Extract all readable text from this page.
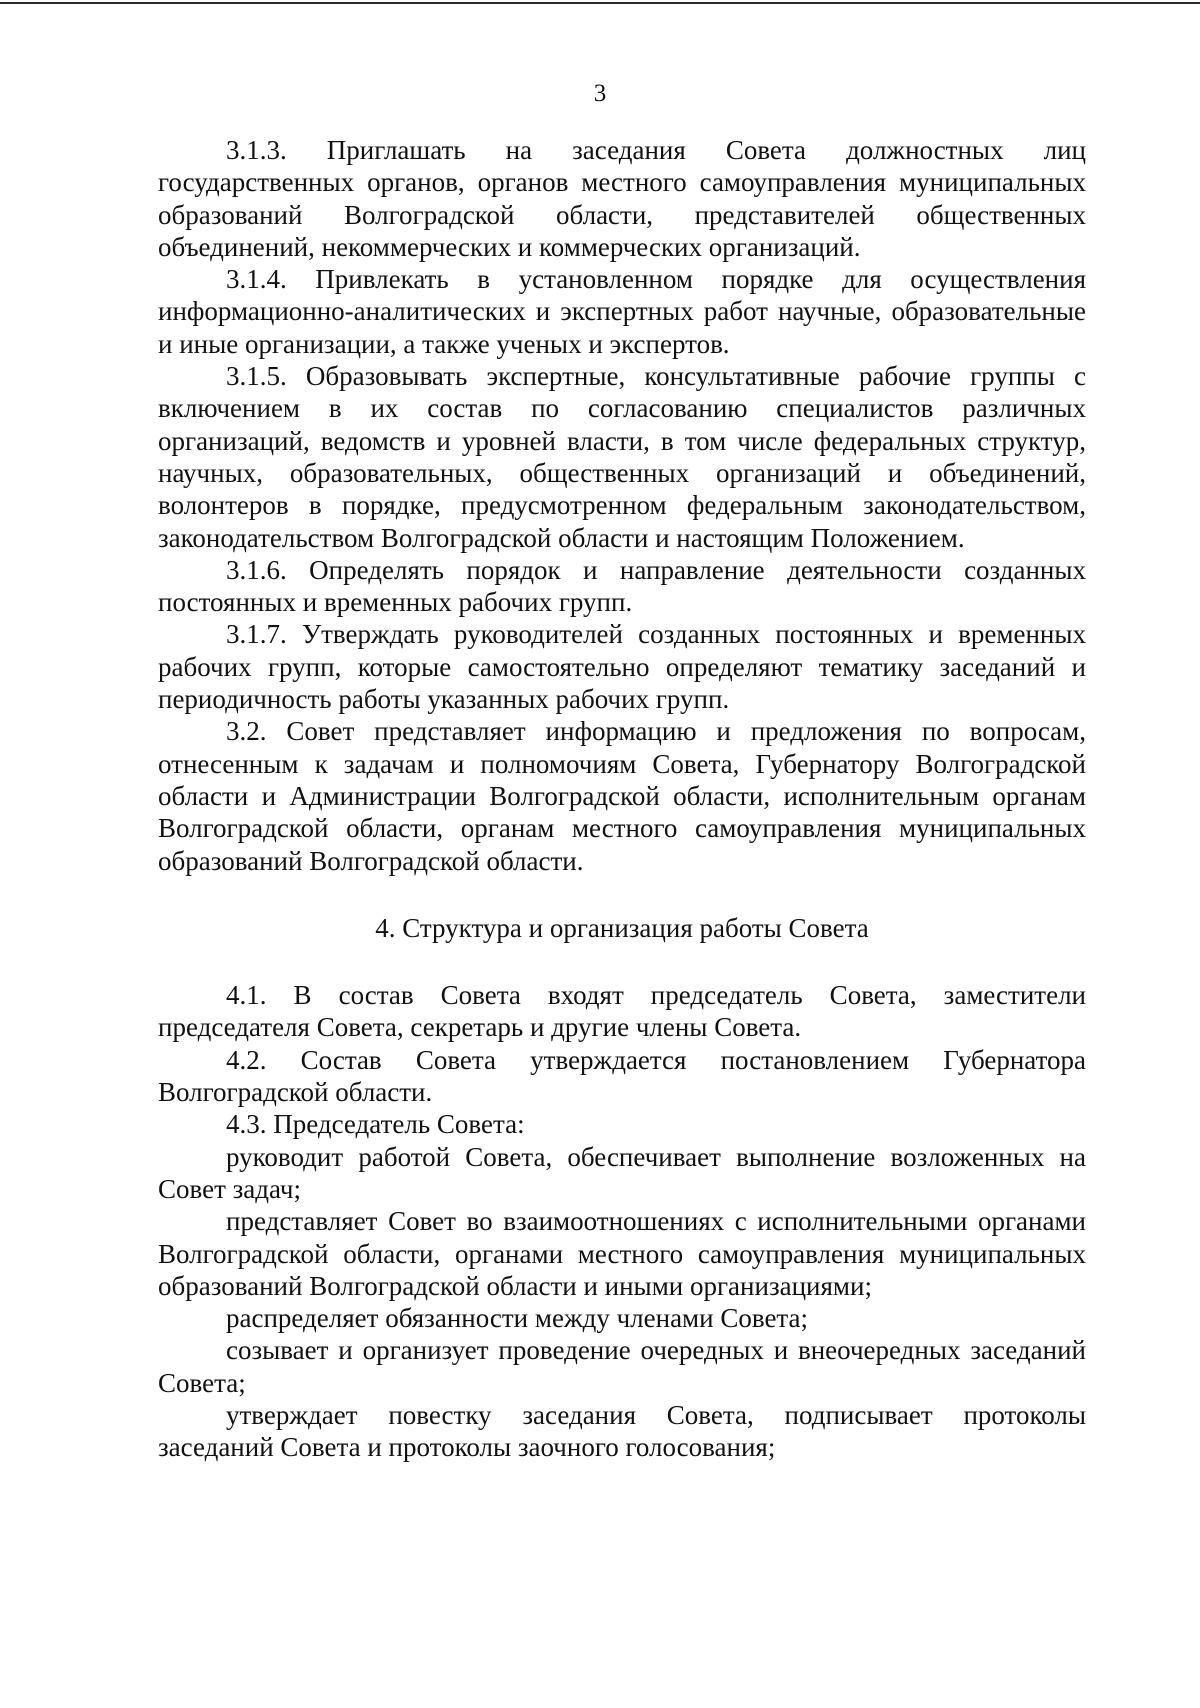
3

3.1.3. Приглашать на заседания Совета должностных лиц государственных органов, органов местного самоуправления муниципальных образований Волгоградской области, представителей общественных объединений, некоммерческих и коммерческих организаций.

3.1.4. Привлекать в установленном порядке для осуществления информационно-аналитических и экспертных работ научные, образовательные и иные организации, а также ученых и экспертов.

3.1.5. Образовывать экспертные, консультативные рабочие группы с включением в их состав по согласованию специалистов различных организаций, ведомств и уровней власти, в том числе федеральных структур, научных, образовательных, общественных организаций и объединений, волонтеров в порядке, предусмотренном федеральным законодательством, законодательством Волгоградской области и настоящим Положением.

3.1.6. Определять порядок и направление деятельности созданных постоянных и временных рабочих групп.

3.1.7. Утверждать руководителей созданных постоянных и временных рабочих групп, которые самостоятельно определяют тематику заседаний и периодичность работы указанных рабочих групп.

3.2. Совет представляет информацию и предложения по вопросам, отнесенным к задачам и полномочиям Совета, Губернатору Волгоградской области и Администрации Волгоградской области, исполнительным органам Волгоградской области, органам местного самоуправления муниципальных образований Волгоградской области.

4. Структура и организация работы Совета

4.1. В состав Совета входят председатель Совета, заместители председателя Совета, секретарь и другие члены Совета.

4.2. Состав Совета утверждается постановлением Губернатора Волгоградской области.

4.3. Председатель Совета:

руководит работой Совета, обеспечивает выполнение возложенных на Совет задач;

представляет Совет во взаимоотношениях с исполнительными органами Волгоградской области, органами местного самоуправления муниципальных образований Волгоградской области и иными организациями;

распределяет обязанности между членами Совета;

созывает и организует проведение очередных и внеочередных заседаний Совета;

утверждает повестку заседания Совета, подписывает протоколы заседаний Совета и протоколы заочного голосования;
